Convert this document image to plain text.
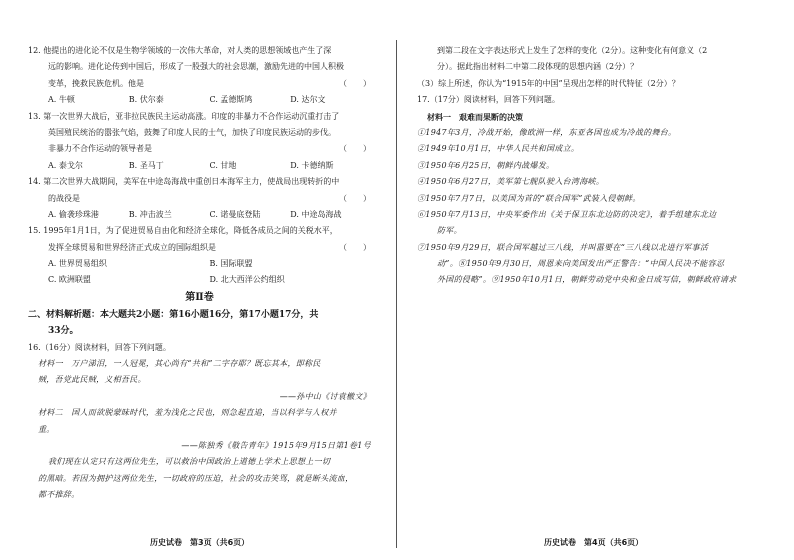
12. 他提出的进化论不仅是生物学领域的一次伟大革命，对人类的思想领域也产生了深
远的影响。进化论传到中国后，形成了一股强大的社会思潮，激励先进的中国人积极
变革，挽救民族危机。他是	（　　）
A. 牛顿	B. 伏尔泰	C. 孟德斯鸠	D. 达尔文
13. 第一次世界大战后，亚非拉民族民主运动高涨。印度的非暴力不合作运动沉重打击了
英国殖民统治的嚣张气焰，鼓舞了印度人民的士气，加快了印度民族运动的步伐。
非暴力不合作运动的领导者是	（　　）
A. 泰戈尔	B. 圣马丁	C. 甘地	D. 卡德纳斯
14. 第二次世界大战期间，美军在中途岛海战中重创日本海军主力，使战局出现转折的中
的战役是	（　　）
A. 偷袭珍珠港	B. 冲击波兰	C. 诺曼底登陆	D. 中途岛海战
15. 1995年1月1日，为了促进贸易自由化和经济全球化，降低各成员之间的关税水平，
发挥全球贸易和世界经济正式成立的国际组织是	（　　）
A. 世界贸易组织	B. 国际联盟
C. 欧洲联盟	D. 北大西洋公约组织
第Ⅱ卷
二、材料解析题：本大题共2小题：第16小题16分，第17小题17分，共
33分。
16.（16分）阅读材料，回答下列问题。
材料一　万户涕泪，一人冠冕，其心尚有“共和”二字存耶？既忘其本，即称民
贼，吾党此民贼，义相吾民。
——孙中山《讨袁檄文》
材料二　国人而欲脱蒙昧时代，羞为浅化之民也，则急起直追，当以科学与人权并
重。
——陈独秀《敬告青年》1915年9月15日第1卷1号
我们现在认定只有这两位先生，可以救治中国政治上道德上学术上思想上一切
的黑暗。若因为拥护这两位先生，一切政府的压迫，社会的攻击笑骂，就是断头流血，
都不推辞。
历史试卷　第3页（共6页）
到第二段在文字表达形式上发生了怎样的变化（2分）。这种变化有何意义（2
分）。据此指出材料二中第二段体现的思想内涵（2分）？
（3）综上所述，你认为“1915年的中国”呈现出怎样的时代特征（2分）？
17.（17分）阅读材料，回答下列问题。
材料一　艰难而果断的决策
①1947年3月，冷战开始，像欧洲一样，东亚各国也成为冷战的舞台。
②1949年10月1日，中华人民共和国成立。
③1950年6月25日，朝鲜内战爆发。
④1950年6月27日，美军第七舰队驶入台湾海峡。
⑤1950年7月7日，以美国为首的“联合国军”武装入侵朝鲜。
⑥1950年7月13日，中央军委作出《关于保卫东北边防的决定》，着手组建东北边
防军。
⑦1950年9月29日，联合国军越过三八线，并叫嚣要在“三八线以北进行军事活
动”。⑧1950年9月30日，周恩来向美国发出严正警告：“中国人民决不能容忍
外国的侵略”。⑨1950年10月1日，朝鲜劳动党中央和金日成写信，朝鲜政府请求
历史试卷　第4页（共6页）
